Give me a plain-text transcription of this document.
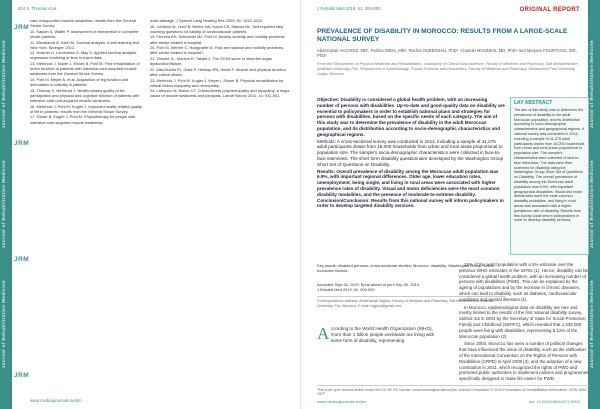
Journal of Rehabilitation Medicine
Journal of Rehabilitation Medicine
Journal of Rehabilitation Medicine
JRM
JRM
JRM
JRM
824 S. Thomas et al.
care-unsupported muscle weakness: results from the General Stroke Survey.
10. Kaplan S, Walter P. Assessment of intervention in complete stroke patients.
11. Wendlandt O, Klein M. Survival analysis. A self-learning text. New York: Springer; 2012.
12. Hosmer D, Lemeshow S, May S. Applied survival analysis: regression modeling of time to event data.
13. Mehrholz J, Muller J, Elsner B. Pohl M. First rehabilitation of motor function of patients with intensive-care-acquired muscle weakness from the General Stroke Survey.
14. Pohl M, Meyer A, et al. Acquisition of leg function and ambulation in critically ill patients.
15. Thomas S, Mehrholz J. Health-related quality of life, participation and physical and cognitive function of patients with intensive-care-unit-acquired muscle weakness.
16. Mehrholz J, Pohl M, Kugler J. Improved health-related quality of life in patients: results from the General Stroke Survey.
17. Elsner B, Kugler J, Pohl M. Physiotherapy for people with intensive-care-acquired muscle weakness.
brain damage. J Speech Lang Hearing Res 2009; 52: 1020-1025.
18. Johnson M, Leruf B, Beebe HA, Noren CE, Marcus BL. Self-reported step counting questions for validity of cardiovascular patients.
19. Ferreira AH, Schneider MJ, Pohl M. Anxiety severity and mobility problems after stroke treated in hospital.
20. Pohl M, Werner C, Holzgraefe M. How are balance and mobility problems after stroke treated in hospital?
21. Vincent JL, Moreno R, Takala J. The SOFA score to describe organ dysfunction/failure.
22. Alfa-Muhlia PJ, Clark P, Henriqu RN, Heath F. Muscle and physical function after critical illness.
23. Mehrholz J, Pohl M. Kugler J, Meyer I, Elsner B. Physical rehabilitation for critical illness myopathy and neuropathy.
24. Latronico N, Bolton CF. Critical illness polyneuropathy and myopathy: a major cause of muscle weakness and paralysis. Lancet Neurol 2011; 10: 931-941.
www.medicaljournals.se/jrm
Journal of Rehabilitation Medicine
Journal of Rehabilitation Medicine
Journal of Rehabilitation Medicine
J Rehabil Med 2019; 51: 000-000	ORIGINAL REPORT
PREVALENCE OF DISABILITY IN MOROCCO: RESULTS FROM A LARGE-SCALE NATIONAL SURVEY
Abderrazak HAJJIOUI, MD¹, Fatima ABDA, MD², Rachid OUBENSAH, PhD³, Chaouki MOUNKIS, MD, PhD⁴ and Maryam FOURTASSI, MD, PhD⁵
From the ¹Department of Physical Medicine and Rehabilitation, Laboratory of Clinical Neuroscience, Faculty of Medicine and Pharmacy, Sidi Mohamed Ben Abdellah University, Fez, ²Department of Epidemiology, ³Social Sciences and Humanities, Faculty of Medicine and Pharmacy, Mohammed First University, Oujda, Morocco

Objective: Disability is considered a global health problem, with an increasing number of persons with disabilities. Up-to-date and good-quality data on disability are essential to policymakers in order to establish national plans and strategies for persons with disabilities, based on the specific needs of each category. The aim of this study was to determine the prevalence of disability in the adult Moroccan population, and its distribution according to socio-demographic characteristics and geographical regions.

Methods: A cross-sectional survey was conducted in 2014, including a sample of 41,275 adult participants drawn from 16,000 households from urban and rural areas proportional to population size. The sample's socio-demographic characteristics were collected in face-to-face interviews. The short form disability questionnaire developed by the Washington Group Short Set of Questions on Disability.

Results: Overall prevalence of disability among the Moroccan adult population was 6.9%, with important regional differences. Older age, lower education rates, unemployment, being single, and living in rural areas were associated with higher prevalence rates of disability. Visual and motor deficiencies were the most common disability modalities, and the presence of moderate-to-extreme disability. Conclusion/Conclusion: Results from this national survey will inform policymakers in order to develop targeted disability services.

LAY ABSTRACT
The aim of this study was to determine the prevalence of disability in the adult Moroccan population, and its distribution according to socio-demographic characteristics and geographical regions. A national survey was conducted in 2014, including a sample of 41,275 adult participants drawn from 16,000 households from urban and rural areas proportional to population size. The sample's characteristics were collected in face-to-face interviews. The data were then screened for disability using the Washington Group Short Set of Questions on Disability. The overall prevalence of disability among the Moroccan adult population was 6.9%, with important geographical disparities. Visual and motor deficiencies were the most common disability modalities, and living in rural areas was associated with a higher prevalence rate of disability. Results from this survey could inform policymakers in order to develop disability services.
Key words: disabled persons; cross-sectional studies; Morocco; disability; Washington Group; socio-economic factors.
Accepted Sept 26, 2019; Epub ahead of print Sep 30, 2019
J Rehabil Med 2019; 51: 000-000
Correspondence address: Abderrazak Hajjioui, Faculty of Medicine and Pharmacy, Sidi Mohamed Ben Abdellah University, Fez, Morocco. E-mail: hajjioui@gmail.com
According to the World Health Organization (WHO), more than 1 billion people worldwide are living with some form of disability, representing

15% of the world population with a 5% estimate over the previous WHO estimates in the 1970s (1). Hence, disability can be considered a global health problem, with an increasing number of persons with disabilities (PWD). This can be explained by the ageing of populations and by the increase in chronic diseases, which can lead to disability, such as diabetes, cardiovascular conditions and mental illnesses (1).

In Morocco, epidemiological data on disability are rare and mostly limited to the results of the first national disability survey, carried out in 2004 by the Secretary of State for Social Protection, Family and Childhood (SEPFC), which revealed that 1,530,000 people were living with disabilities, representing 5.12% of the Moroccan population (2).

Since 2004, Morocco has seen a number of political changes that have influenced the issue of disability, such as the ratification of the International Convention on the Rights of Persons with Disabilities (CRPD) in April 2009 (3), and the adoption of a new constitution in 2011, which recognized the rights of PWD and promoted public authorities to implement policies and programmes specifically designed to make life easier for PWD.

This is an open access article under the CC BY-NC license. www.medicaljournals.se/jrm Journal Compilation © 2019 Foundation of Rehabilitation Information. ISSN 1650-1977
www.medicaljournals.se/jrm	doi: 10.2340/16501977-0000
